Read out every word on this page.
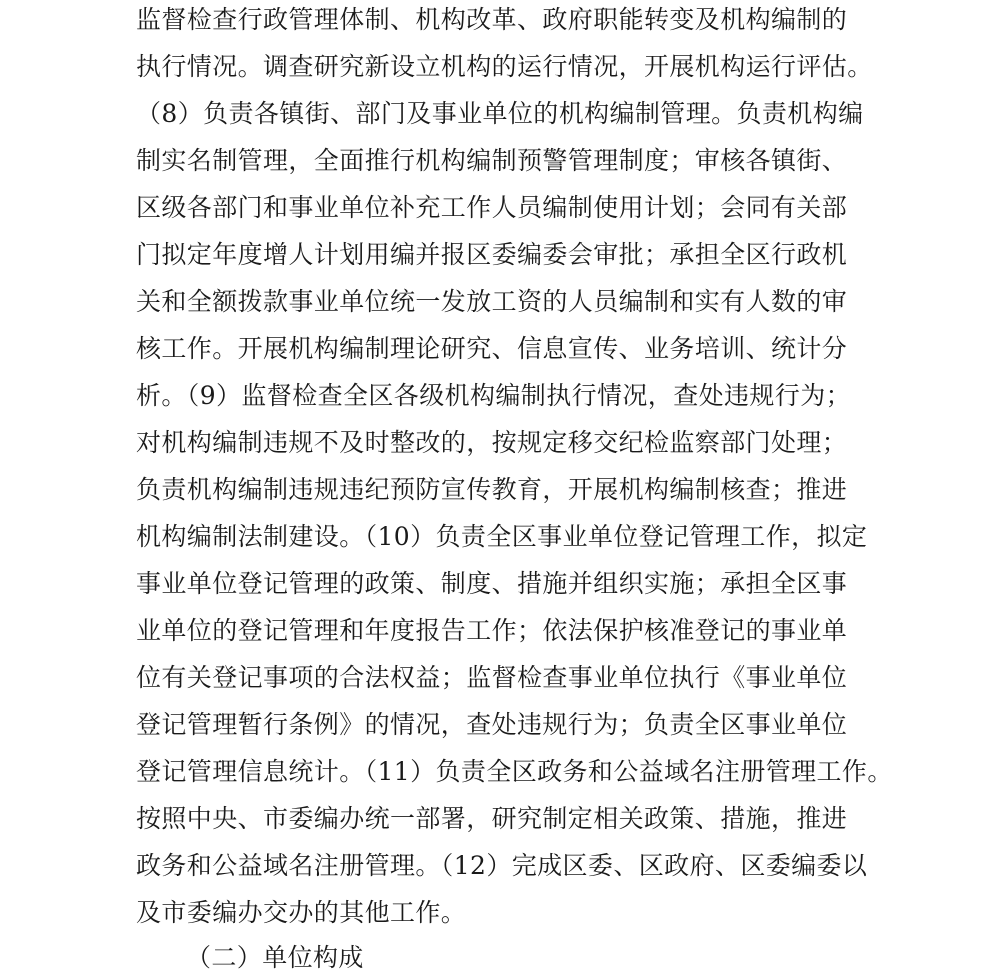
监督检查行政管理体制、机构改革、政府职能转变及机构编制的
执行情况。调查研究新设立机构的运行情况，开展机构运行评估。
（8）负责各镇街、部门及事业单位的机构编制管理。负责机构编
制实名制管理，全面推行机构编制预警管理制度；审核各镇街、
区级各部门和事业单位补充工作人员编制使用计划；会同有关部
门拟定年度增人计划用编并报区委编委会审批；承担全区行政机
关和全额拨款事业单位统一发放工资的人员编制和实有人数的审
核工作。开展机构编制理论研究、信息宣传、业务培训、统计分
析。（9）监督检查全区各级机构编制执行情况，查处违规行为；
对机构编制违规不及时整改的，按规定移交纪检监察部门处理；
负责机构编制违规违纪预防宣传教育，开展机构编制核查；推进
机构编制法制建设。（10）负责全区事业单位登记管理工作，拟定
事业单位登记管理的政策、制度、措施并组织实施；承担全区事
业单位的登记管理和年度报告工作；依法保护核准登记的事业单
位有关登记事项的合法权益；监督检查事业单位执行《事业单位
登记管理暂行条例》的情况，查处违规行为；负责全区事业单位
登记管理信息统计。（11）负责全区政务和公益域名注册管理工作。
按照中央、市委编办统一部署，研究制定相关政策、措施，推进
政务和公益域名注册管理。（12）完成区委、区政府、区委编委以
及市委编办交办的其他工作。
（二）单位构成
